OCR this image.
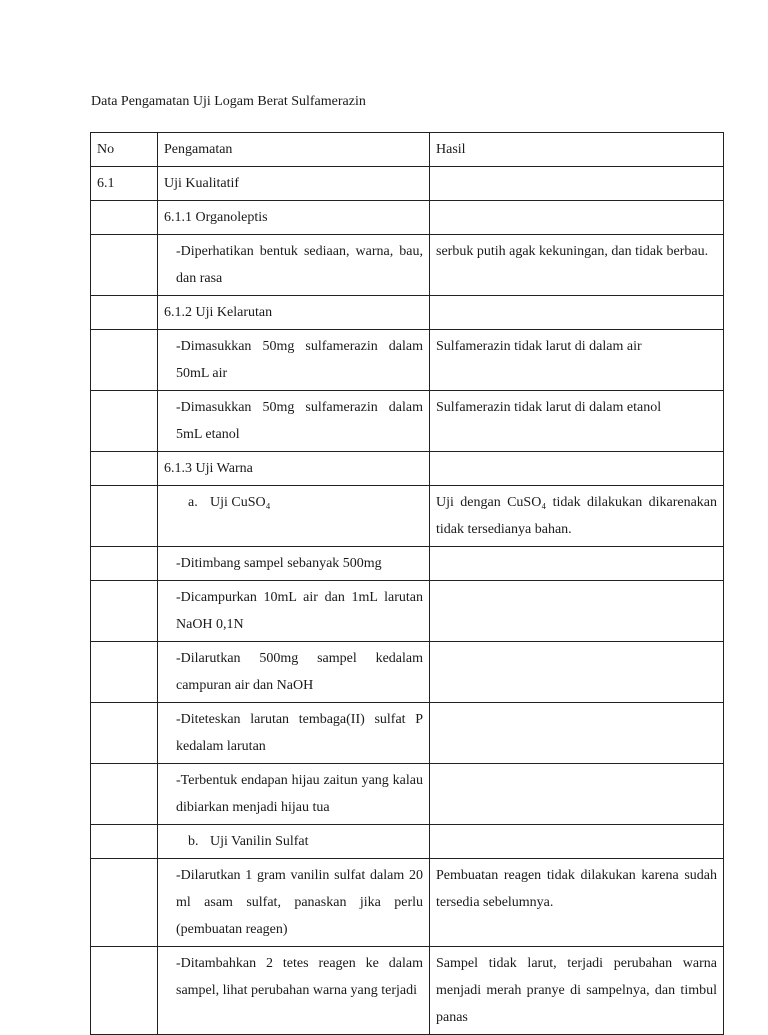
Data Pengamatan Uji Logam Berat Sulfamerazin
No	Pengamatan	Hasil
6.1	Uji Kualitatif	
	6.1.1 Organoleptis	
	-Diperhatikan bentuk sediaan, warna, bau, dan rasa	serbuk putih agak kekuningan, dan tidak berbau.
	6.1.2 Uji Kelarutan	
	-Dimasukkan 50mg sulfamerazin dalam 50mL air	Sulfamerazin tidak larut di dalam air
	-Dimasukkan 50mg sulfamerazin dalam 5mL etanol	Sulfamerazin tidak larut di dalam etanol
	6.1.3 Uji Warna	
	a. Uji CuSO₄	Uji dengan CuSO₄ tidak dilakukan dikarenakan tidak tersedianya bahan.
	-Ditimbang sampel sebanyak 500mg	
	-Dicampurkan 10mL air dan 1mL larutan NaOH 0,1N	
	-Dilarutkan 500mg sampel kedalam campuran air dan NaOH	
	-Diteteskan larutan tembaga(II) sulfat P kedalam larutan	
	-Terbentuk endapan hijau zaitun yang kalau dibiarkan menjadi hijau tua	
	b. Uji Vanilin Sulfat	
	-Dilarutkan 1 gram vanilin sulfat dalam 20 ml asam sulfat, panaskan jika perlu (pembuatan reagen)	Pembuatan reagen tidak dilakukan karena sudah tersedia sebelumnya.
	-Ditambahkan 2 tetes reagen ke dalam sampel, lihat perubahan warna yang terjadi	Sampel tidak larut, terjadi perubahan warna menjadi merah pranye di sampelnya, dan timbul panas
